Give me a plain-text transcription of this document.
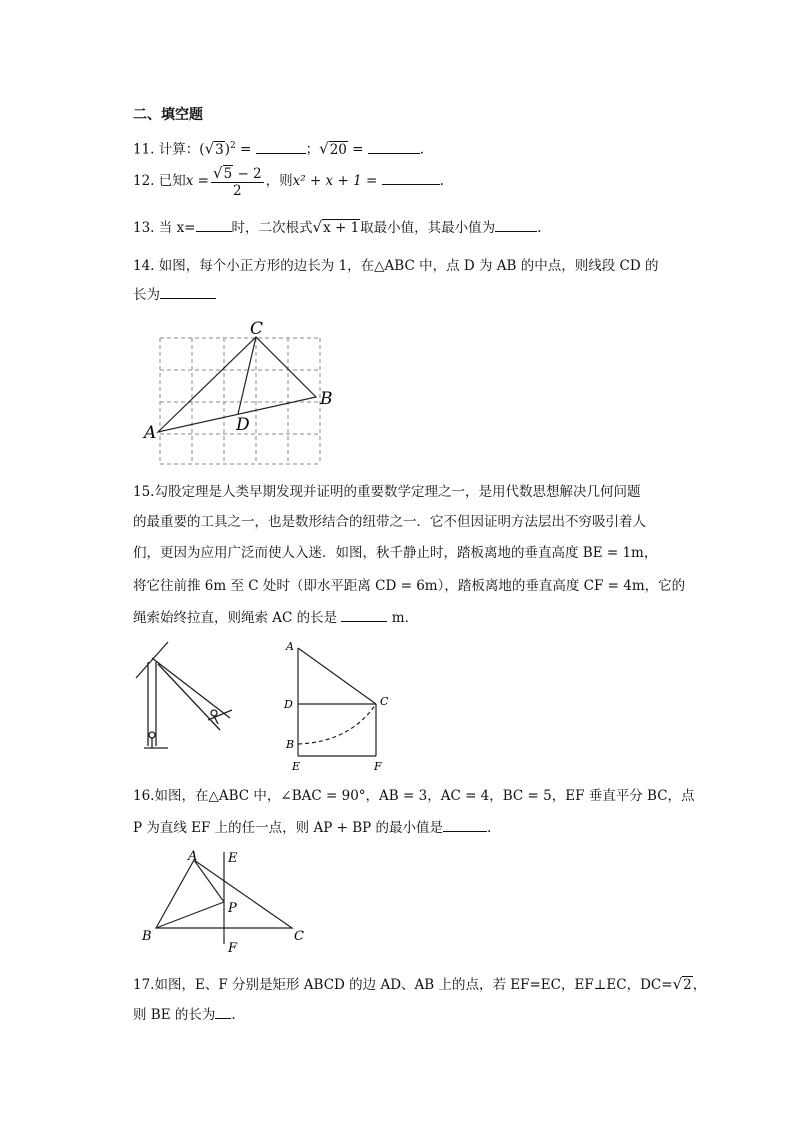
二、填空题
11. 计算：$(√3)^2$ =	；√20 =	.
12. 已知$x = \frac{√5 - 2}{2}$ ，则x² + x + 1 =	.
13. 当 x=	时，二次根式√x + 1取最小值，其最小值为	.
14. 如图，每个小正方形的边长为 1，在△ABC 中，点 D 为 AB 的中点，则线段 CD 的
长为
C
B
A	D
15.勾股定理是人类早期发现并证明的重要数学定理之一，是用代数思想解决几何问题
的最重要的工具之一，也是数形结合的纽带之一．它不但因证明方法层出不穷吸引着人
们，更因为应用广泛而使人入迷．如图，秋千静止时，踏板离地的垂直高度 BE = 1m，
将它往前推 6m 至 C 处时（即水平距离 CD = 6m），踏板离地的垂直高度 CF = 4m，它的
绳索始终拉直，则绳索 AC 的长是	m．
A
C
D
B
E	F
16.如图，在△ABC 中，∠BAC = 90°，AB = 3，AC = 4，BC = 5，EF 垂直平分 BC，点
P 为直线 EF 上的任一点，则 AP + BP 的最小值是	.
A E
P
B
F
C
17.如图，E、F 分别是矩形 ABCD 的边 AD、AB 上的点，若 EF=EC，EF⊥EC，DC=√2，
则 BE 的长为 .
